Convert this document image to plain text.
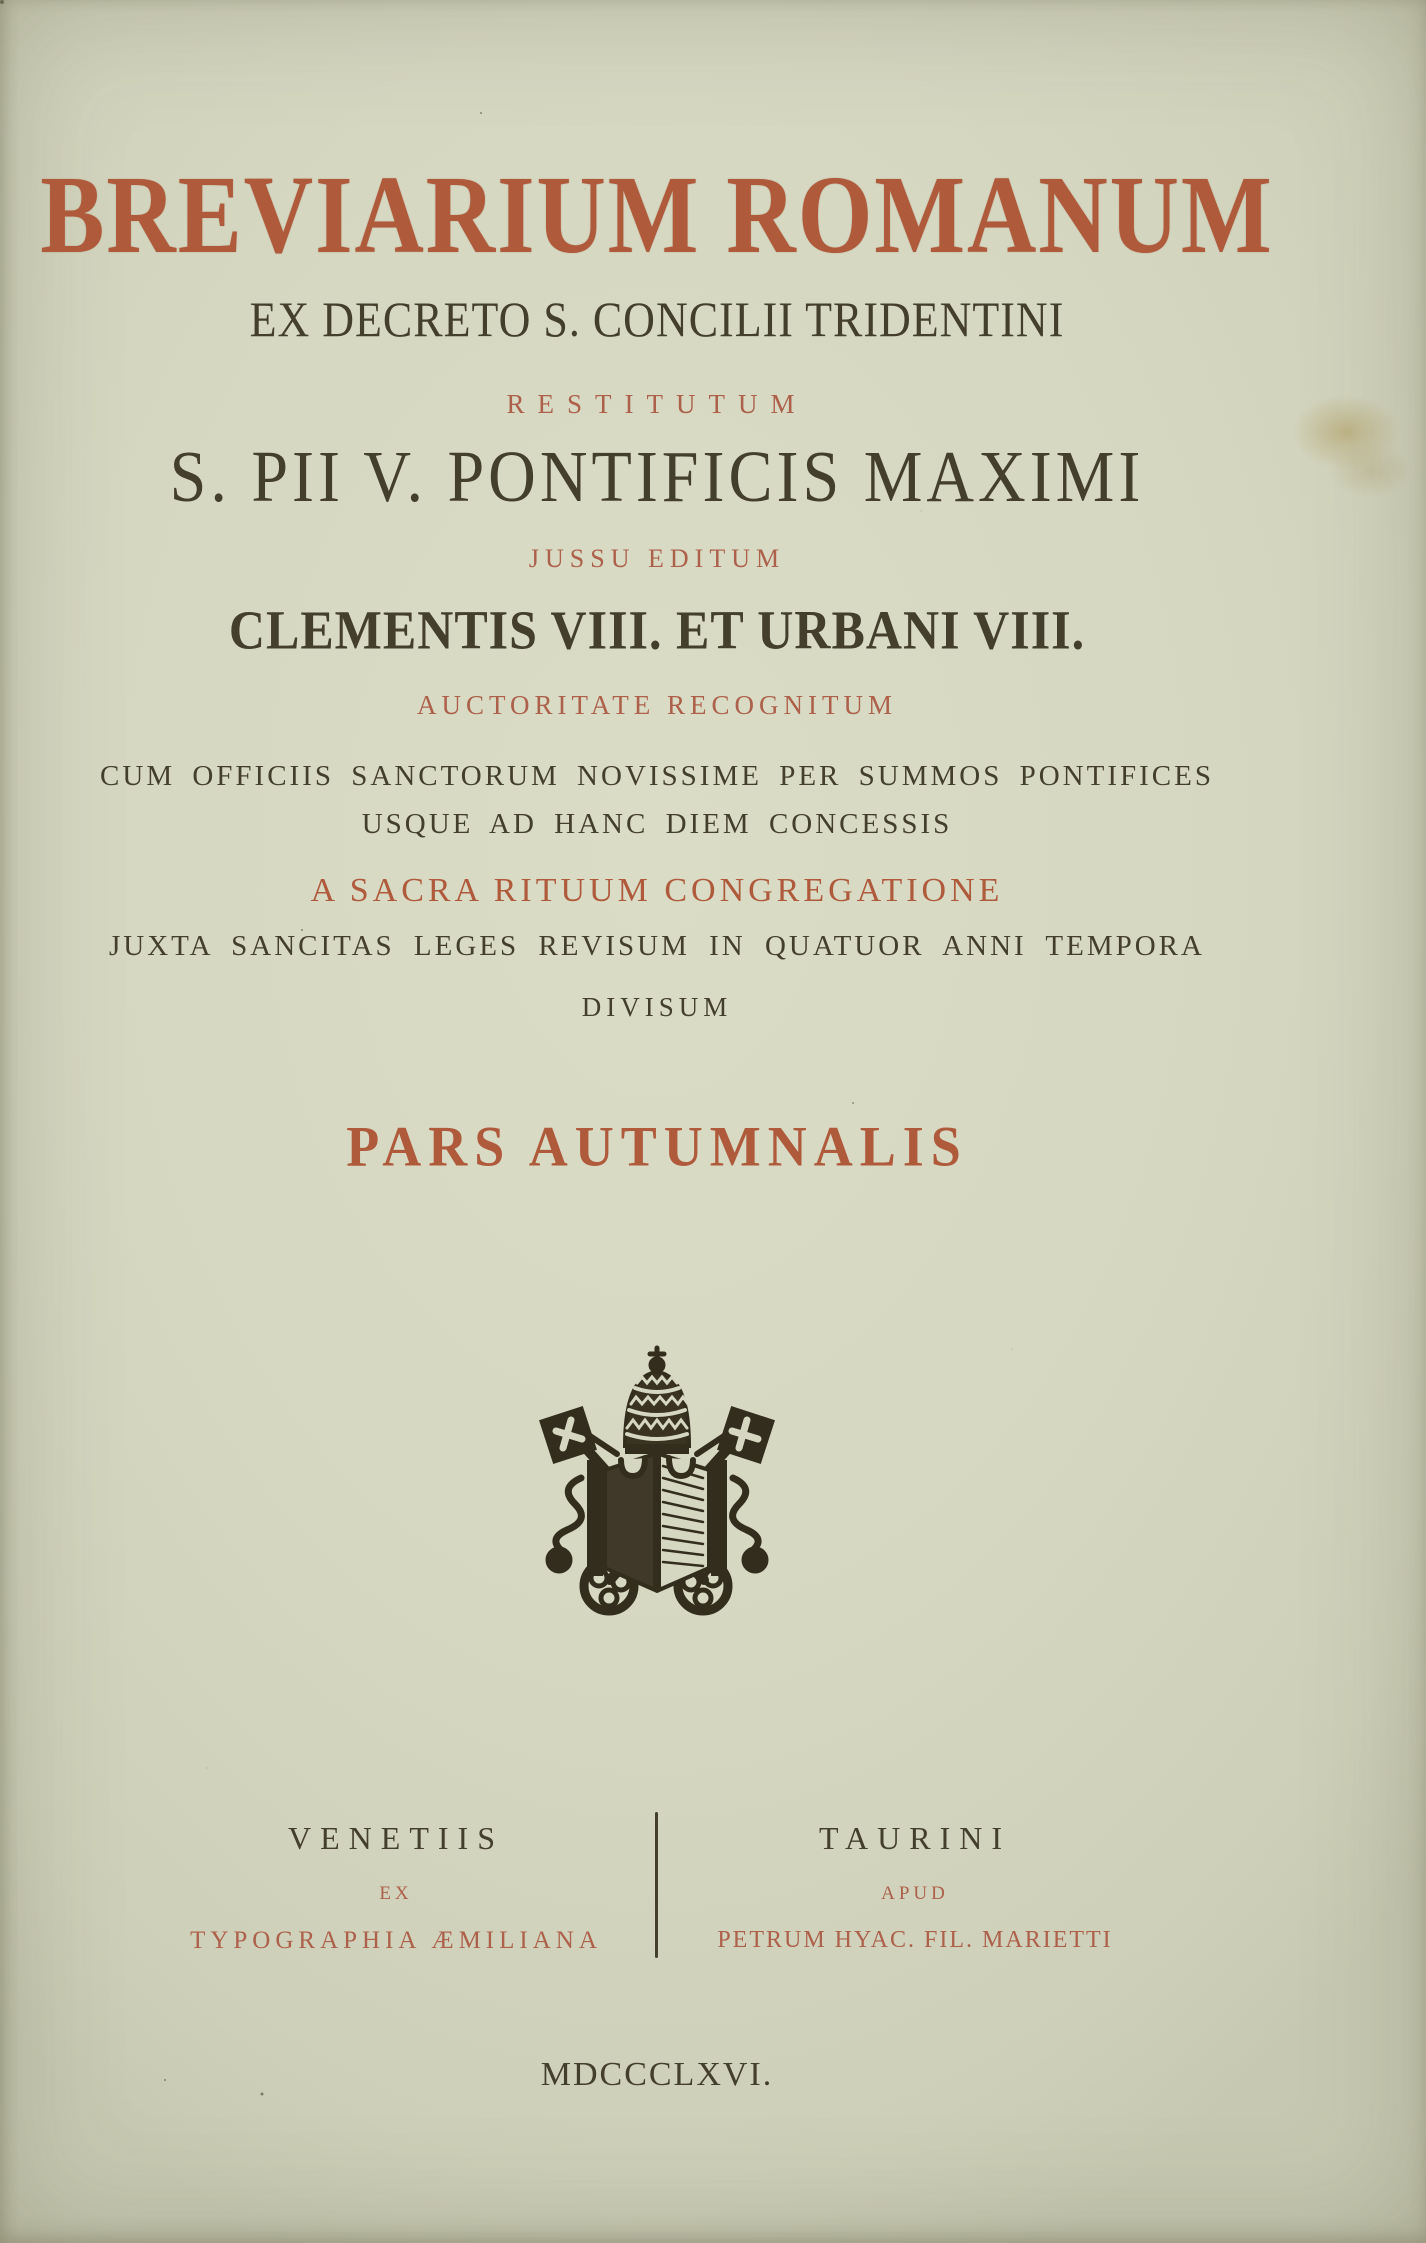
BREVIARIUM ROMANUM
EX DECRETO S. CONCILII TRIDENTINI
RESTITUTUM
S. PII V. PONTIFICIS MAXIMI
JUSSU EDITUM
CLEMENTIS VIII. ET URBANI VIII.
AUCTORITATE RECOGNITUM
CUM OFFICIIS SANCTORUM NOVISSIME PER SUMMOS PONTIFICES
USQUE AD HANC DIEM CONCESSIS
A SACRA RITUUM CONGREGATIONE
JUXTA SANCITAS LEGES REVISUM IN QUATUOR ANNI TEMPORA
DIVISUM
PARS AUTUMNALIS
MDCCCLXVI.
VENETIIS
EX
TYPOGRAPHIA ÆMILIANA
TAURINI
APUD
PETRUM HYAC. FIL. MARIETTI
